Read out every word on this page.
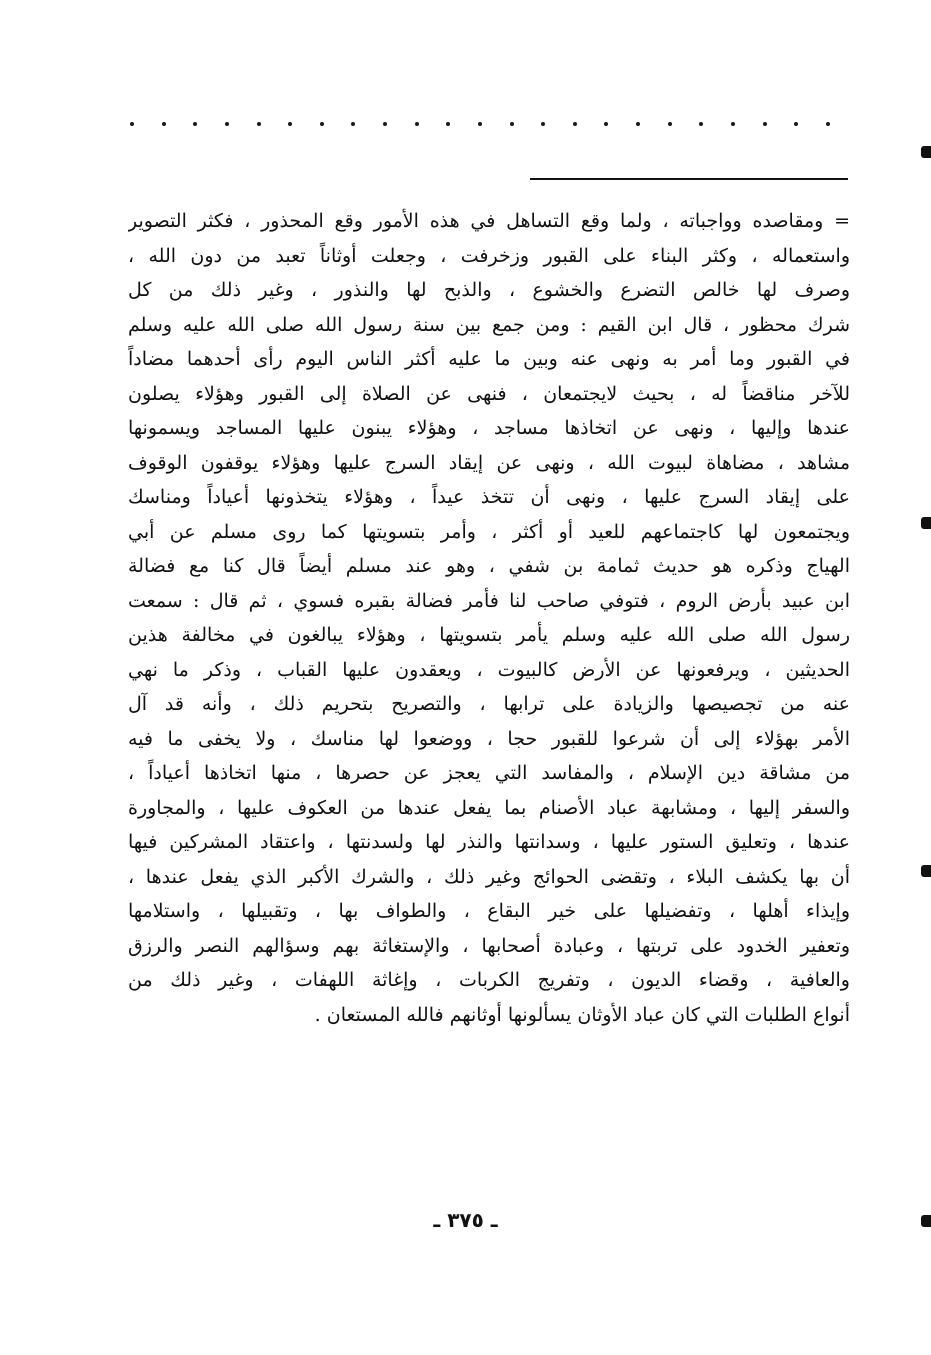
= ومقاصده وواجباته ، ولما وقع التساهل في هذه الأمور وقع المحذور ، فكثر التصوير
واستعماله ، وكثر البناء على القبور وزخرفت ، وجعلت أوثاناً تعبد من دون الله ،
وصرف لها خالص التضرع والخشوع ، والذبح لها والنذور ، وغير ذلك من كل
شرك محظور ، قال ابن القيم : ومن جمع بين سنة رسول الله صلى الله عليه وسلم
في القبور وما أمر به ونهى عنه وبين ما عليه أكثر الناس اليوم رأى أحدهما مضاداً
للآخر مناقضاً له ، بحيث لايجتمعان ، فنهى عن الصلاة إلى القبور وهؤلاء يصلون
عندها وإليها ، ونهى عن اتخاذها مساجد ، وهؤلاء يبنون عليها المساجد ويسمونها
مشاهد ، مضاهاة لبيوت الله ، ونهى عن إيقاد السرج عليها وهؤلاء يوقفون الوقوف
على إيقاد السرج عليها ، ونهى أن تتخذ عيداً ، وهؤلاء يتخذونها أعياداً ومناسك
ويجتمعون لها كاجتماعهم للعيد أو أكثر ، وأمر بتسويتها كما روى مسلم عن أبي
الهياج وذكره هو حديث ثمامة بن شفي ، وهو عند مسلم أيضاً قال كنا مع فضالة
ابن عبيد بأرض الروم ، فتوفي صاحب لنا فأمر فضالة بقبره فسوي ، ثم قال : سمعت
رسول الله صلى الله عليه وسلم يأمر بتسويتها ، وهؤلاء يبالغون في مخالفة هذين
الحديثين ، ويرفعونها عن الأرض كالبيوت ، ويعقدون عليها القباب ، وذكر ما نهي
عنه من تجصيصها والزيادة على ترابها ، والتصريح بتحريم ذلك ، وأنه قد آل
الأمر بهؤلاء إلى أن شرعوا للقبور حجا ، ووضعوا لها مناسك ، ولا يخفى ما فيه
من مشاقة دين الإسلام ، والمفاسد التي يعجز عن حصرها ، منها اتخاذها أعياداً ،
والسفر إليها ، ومشابهة عباد الأصنام بما يفعل عندها من العكوف عليها ، والمجاورة
عندها ، وتعليق الستور عليها ، وسدانتها والنذر لها ولسدنتها ، واعتقاد المشركين فيها
أن بها يكشف البلاء ، وتقضى الحوائج وغير ذلك ، والشرك الأكبر الذي يفعل عندها ،
وإيذاء أهلها ، وتفضيلها على خير البقاع ، والطواف بها ، وتقبيلها ، واستلامها
وتعفير الخدود على تربتها ، وعبادة أصحابها ، والإستغاثة بهم وسؤالهم النصر والرزق
والعافية ، وقضاء الديون ، وتفريج الكربات ، وإغاثة اللهفات ، وغير ذلك من
أنواع الطلبات التي كان عباد الأوثان يسألونها أوثانهم فالله المستعان .
ـ ٣٧٥ ـ
